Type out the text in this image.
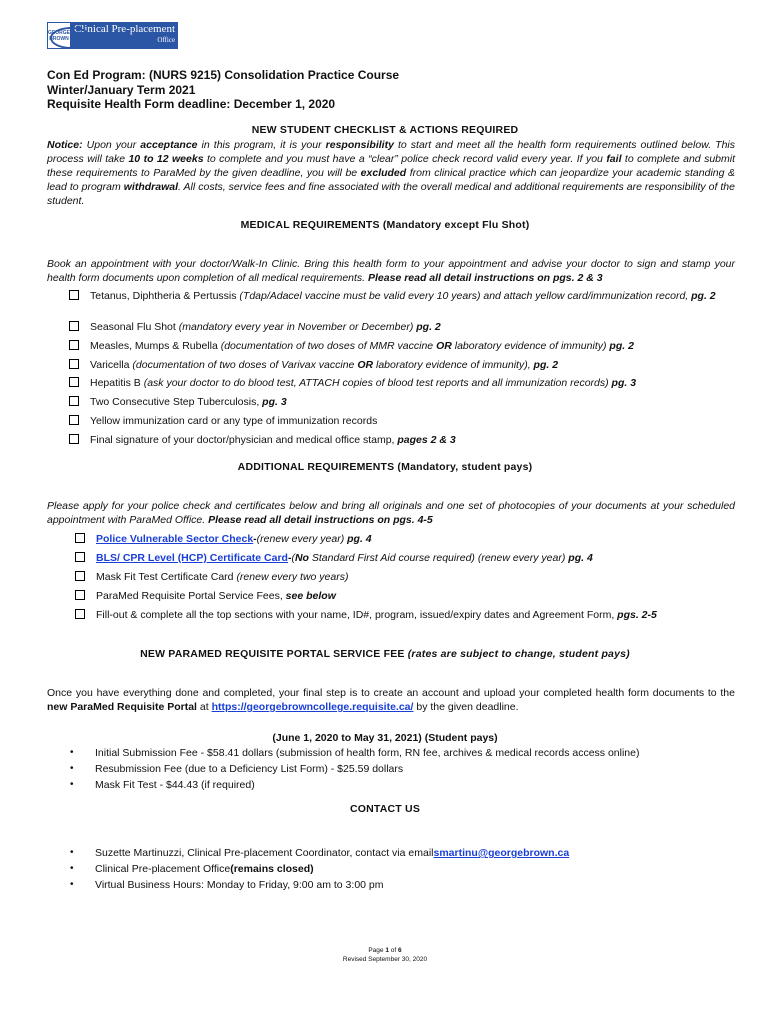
GEORGE BROWN
Clinical Pre-placement
Office
Con Ed Program: (NURS 9215) Consolidation Practice Course
Winter/January Term 2021
Requisite Health Form deadline: December 1, 2020
NEW STUDENT CHECKLIST & ACTIONS REQUIRED

Notice: Upon your acceptance in this program, it is your responsibility to start and meet all the health form requirements outlined below. This process will take 10 to 12 weeks to complete and you must have a “clear” police check record valid every year. If you fail to complete and submit these requirements to ParaMed by the given deadline, you will be excluded from clinical practice which can jeopardize your academic standing & lead to program withdrawal. All costs, service fees and fine associated with the overall medical and additional requirements are responsibility of the student.

MEDICAL REQUIREMENTS (Mandatory except Flu Shot)

Book an appointment with your doctor/Walk-In Clinic. Bring this health form to your appointment and advise your doctor to sign and stamp your health form documents upon completion of all medical requirements. Please read all detail instructions on pgs. 2 & 3

Tetanus, Diphtheria & Pertussis (Tdap/Adacel vaccine must be valid every 10 years) and attach yellow card/immunization record, pg. 2
Seasonal Flu Shot (mandatory every year in November or December) pg. 2
Measles, Mumps & Rubella (documentation of two doses of MMR vaccine OR laboratory evidence of immunity) pg. 2
Varicella (documentation of two doses of Varivax vaccine OR laboratory evidence of immunity), pg. 2
Hepatitis B (ask your doctor to do blood test, ATTACH copies of blood test reports and all immunization records) pg. 3
Two Consecutive Step Tuberculosis, pg. 3
Yellow immunization card or any type of immunization records
Final signature of your doctor/physician and medical office stamp, pages 2 & 3
ADDITIONAL REQUIREMENTS (Mandatory, student pays)

Please apply for your police check and certificates below and bring all originals and one set of photocopies of your documents at your scheduled appointment with ParaMed Office. Please read all detail instructions on pgs. 4-5

Police Vulnerable Sector Check-(renew every year) pg. 4
BLS/ CPR Level (HCP) Certificate Card-(No Standard First Aid course required) (renew every year) pg. 4
Mask Fit Test Certificate Card (renew every two years)
ParaMed Requisite Portal Service Fees, see below
Fill-out & complete all the top sections with your name, ID#, program, issued/expiry dates and Agreement Form, pgs. 2-5
NEW PARAMED REQUISITE PORTAL SERVICE FEE (rates are subject to change, student pays)

Once you have everything done and completed, your final step is to create an account and upload your completed health form documents to the new ParaMed Requisite Portal at https://georgebrowncollege.requisite.ca/ by the given deadline.

(June 1, 2020 to May 31, 2021) (Student pays)
•	Initial Submission Fee - $58.41 dollars (submission of health form, RN fee, archives & medical records access online)
•	Resubmission Fee (due to a Deficiency List Form) - $25.59 dollars
•	Mask Fit Test - $44.43 (if required)
CONTACT US
•	Suzette Martinuzzi, Clinical Pre-placement Coordinator, contact via email smartinu@georgebrown.ca
•	Clinical Pre-placement Office (remains closed)
•	Virtual Business Hours: Monday to Friday, 9:00 am to 3:00 pm
Page 1 of 6
Revised September 30, 2020
